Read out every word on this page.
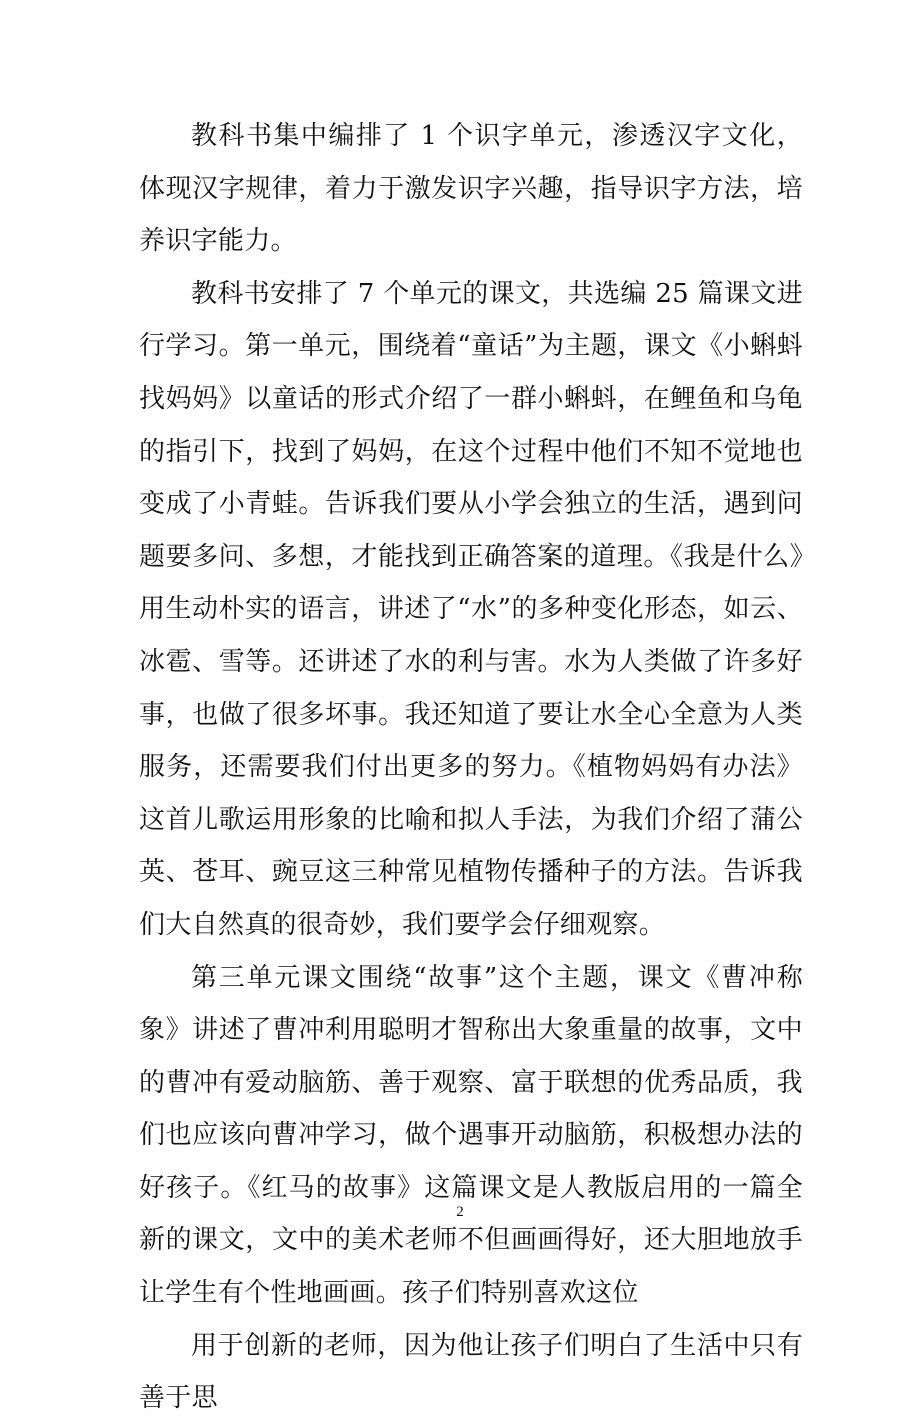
教科书集中编排了 1 个识字单元，渗透汉字文化，体现汉字规律，着力于激发识字兴趣，指导识字方法，培养识字能力。

教科书安排了 7 个单元的课文，共选编 25 篇课文进行学习。第一单元，围绕着“童话”为主题，课文《小蝌蚪找妈妈》以童话的形式介绍了一群小蝌蚪，在鲤鱼和乌龟的指引下，找到了妈妈，在这个过程中他们不知不觉地也变成了小青蛙。告诉我们要从小学会独立的生活，遇到问题要多问、多想，才能找到正确答案的道理。《我是什么》用生动朴实的语言，讲述了“水”的多种变化形态，如云、冰雹、雪等。还讲述了水的利与害。水为人类做了许多好事，也做了很多坏事。我还知道了要让水全心全意为人类服务，还需要我们付出更多的努力。《植物妈妈有办法》这首儿歌运用形象的比喻和拟人手法，为我们介绍了蒲公英、苍耳、豌豆这三种常见植物传播种子的方法。告诉我们大自然真的很奇妙，我们要学会仔细观察。

第三单元课文围绕“故事”这个主题，课文《曹冲称象》讲述了曹冲利用聪明才智称出大象重量的故事，文中的曹冲有爱动脑筋、善于观察、富于联想的优秀品质，我们也应该向曹冲学习，做个遇事开动脑筋，积极想办法的好孩子。《红马的故事》这篇课文是人教版启用的一篇全新的课文，文中的美术老师不但画画得好，还大胆地放手让学生有个性地画画。孩子们特别喜欢这位

用于创新的老师，因为他让孩子们明白了生活中只有善于思

2
